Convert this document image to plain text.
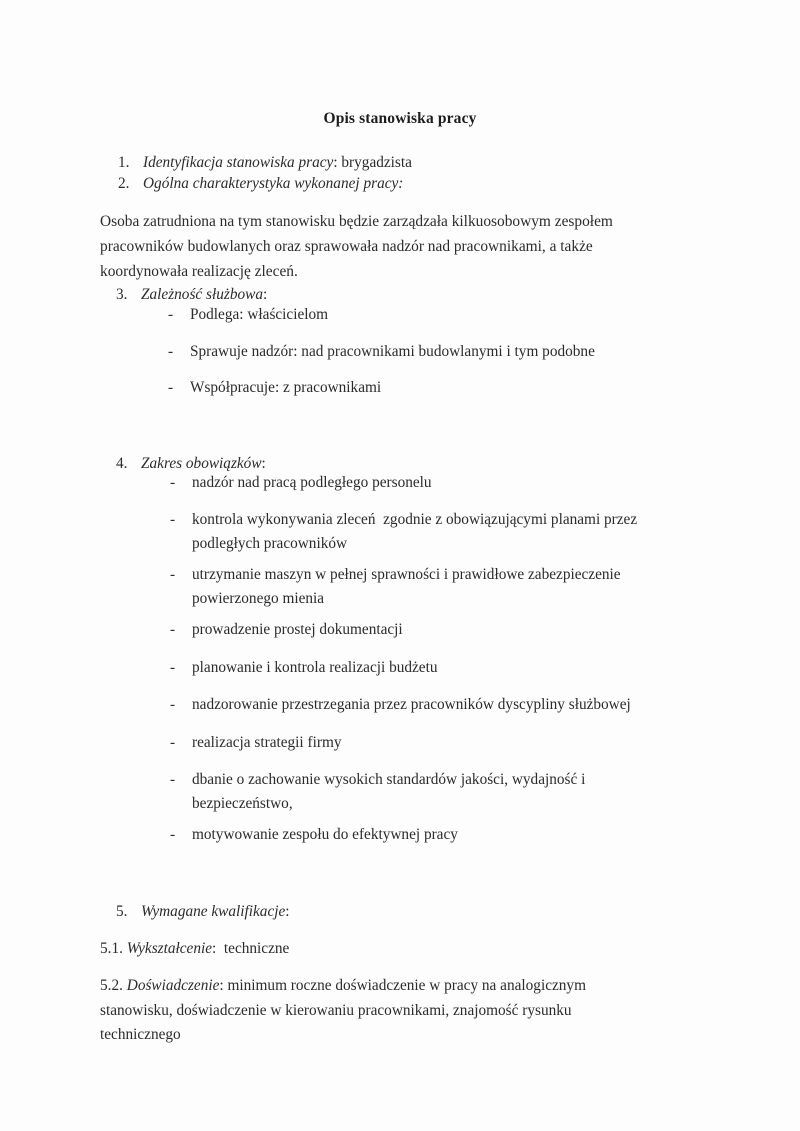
Opis stanowiska pracy
1. Identyfikacja stanowiska pracy: brygadzista
2. Ogólna charakterystyka wykonanej pracy:
Osoba zatrudniona na tym stanowisku będzie zarządzała kilkuosobowym zespołem pracowników budowlanych oraz sprawowała nadzór nad pracownikami, a także koordynowała realizację zleceń.
3. Zależność służbowa:
-	Podlega: właścicielom
-	Sprawuje nadzór: nad pracownikami budowlanymi i tym podobne
-	Współpracuje: z pracownikami
4. Zakres obowiązków:
-	nadzór nad pracą podległego personelu
-	kontrola wykonywania zleceń  zgodnie z obowiązującymi planami przez podległych pracowników
-	utrzymanie maszyn w pełnej sprawności i prawidłowe zabezpieczenie powierzonego mienia
-	prowadzenie prostej dokumentacji
-	planowanie i kontrola realizacji budżetu
-	nadzorowanie przestrzegania przez pracowników dyscypliny służbowej
-	realizacja strategii firmy
-	dbanie o zachowanie wysokich standardów jakości, wydajność i bezpieczeństwo,
-	motywowanie zespołu do efektywnej pracy
5. Wymagane kwalifikacje:
5.1. Wykształcenie:  techniczne
5.2. Doświadczenie: minimum roczne doświadczenie w pracy na analogicznym stanowisku, doświadczenie w kierowaniu pracownikami, znajomość rysunku technicznego
